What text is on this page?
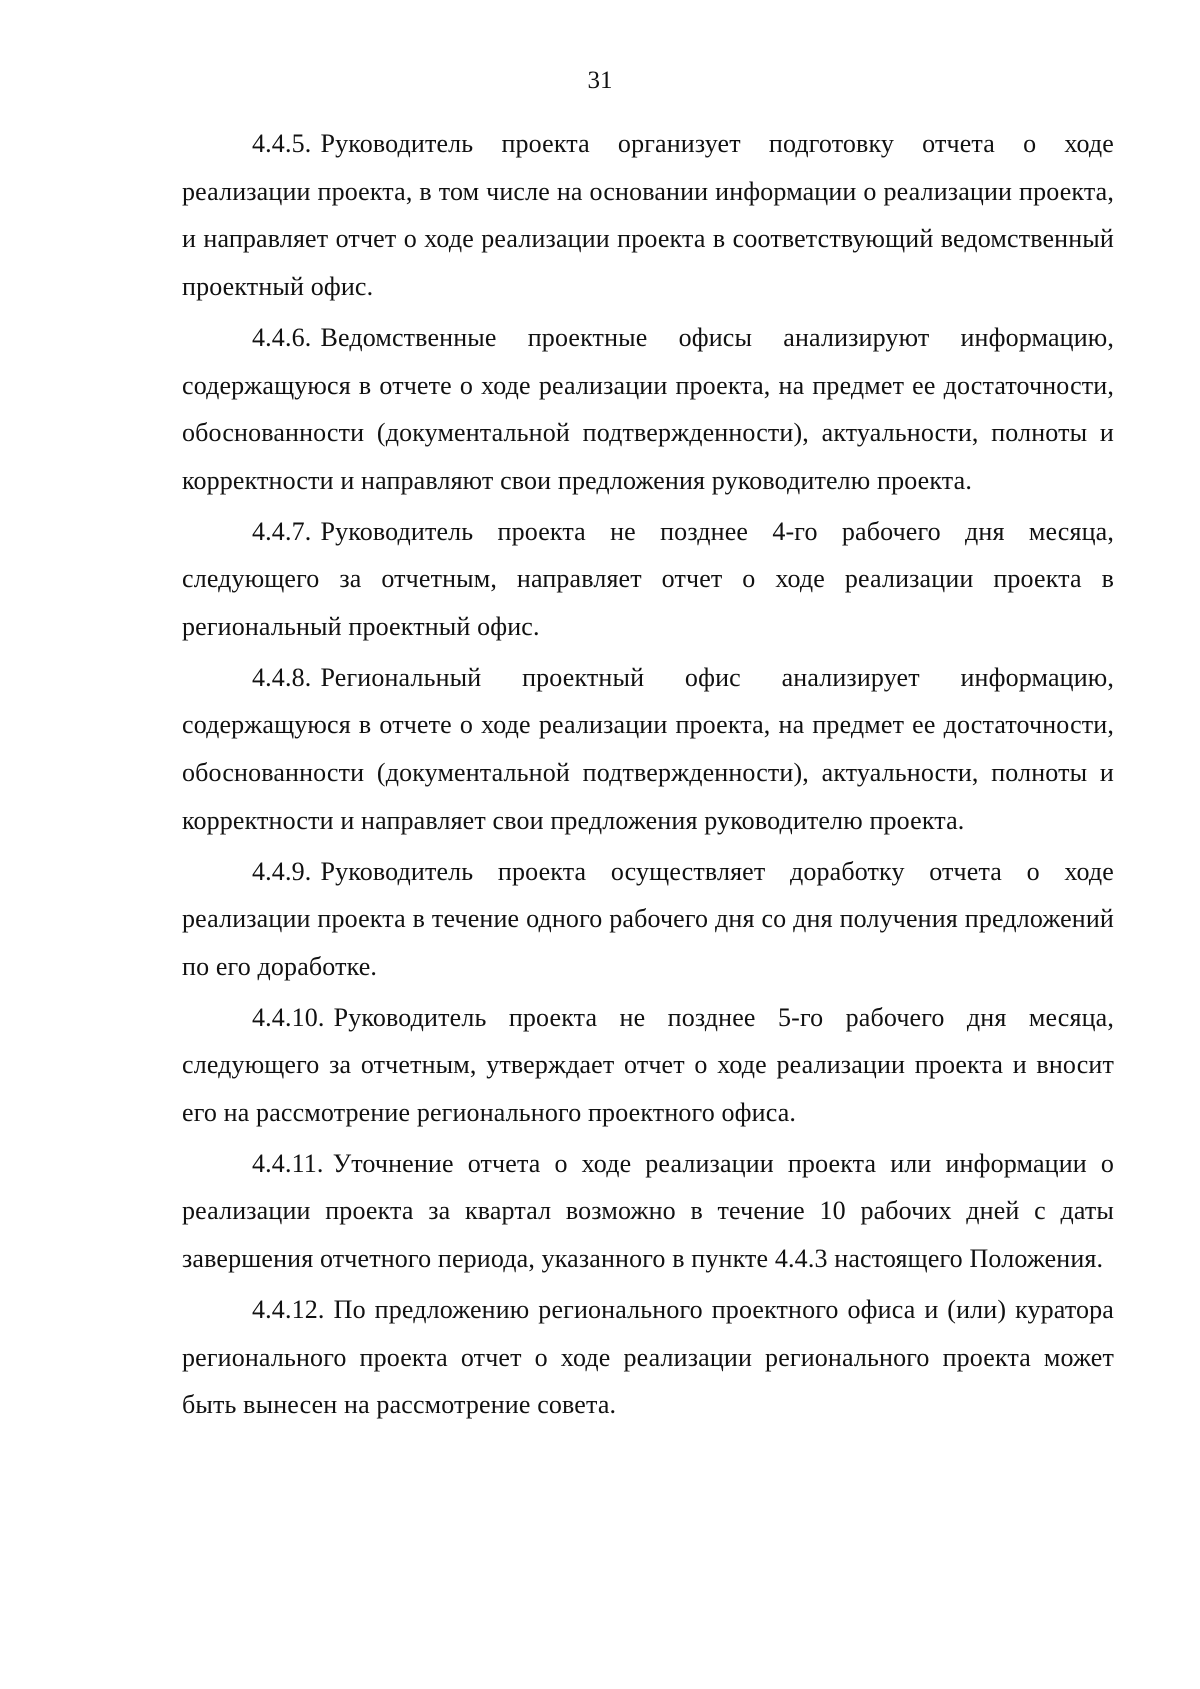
31

4.4.5. Руководитель проекта организует подготовку отчета о ходе реализации проекта, в том числе на основании информации о реализации проекта, и направляет отчет о ходе реализации проекта в соответствующий ведомственный проектный офис.

4.4.6. Ведомственные проектные офисы анализируют информацию, содержащуюся в отчете о ходе реализации проекта, на предмет ее достаточности, обоснованности (документальной подтвержденности), актуальности, полноты и корректности и направляют свои предложения руководителю проекта.

4.4.7. Руководитель проекта не позднее 4-го рабочего дня месяца, следующего за отчетным, направляет отчет о ходе реализации проекта в региональный проектный офис.

4.4.8. Региональный проектный офис анализирует информацию, содержащуюся в отчете о ходе реализации проекта, на предмет ее достаточности, обоснованности (документальной подтвержденности), актуальности, полноты и корректности и направляет свои предложения руководителю проекта.

4.4.9. Руководитель проекта осуществляет доработку отчета о ходе реализации проекта в течение одного рабочего дня со дня получения предложений по его доработке.

4.4.10. Руководитель проекта не позднее 5-го рабочего дня месяца, следующего за отчетным, утверждает отчет о ходе реализации проекта и вносит его на рассмотрение регионального проектного офиса.

4.4.11. Уточнение отчета о ходе реализации проекта или информации о реализации проекта за квартал возможно в течение 10 рабочих дней с даты завершения отчетного периода, указанного в пункте 4.4.3 настоящего Положения.

4.4.12. По предложению регионального проектного офиса и (или) куратора регионального проекта отчет о ходе реализации регионального проекта может быть вынесен на рассмотрение совета.
